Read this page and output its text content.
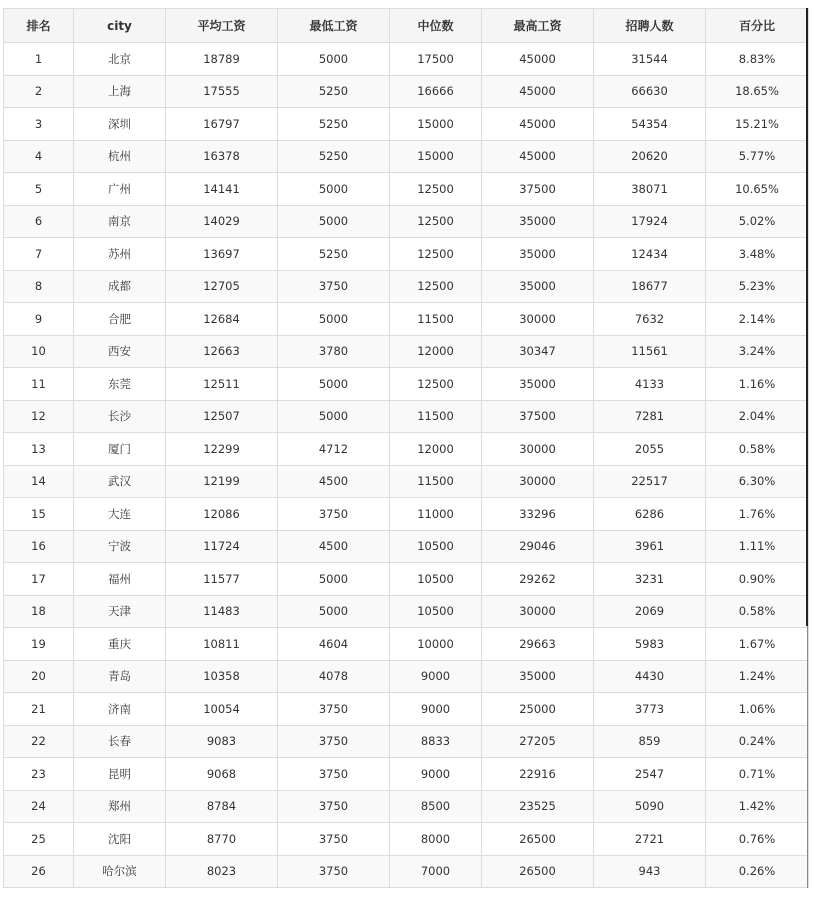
排名	city	平均工资	最低工资	中位数	最高工资	招聘人数	百分比
1	北京	18789	5000	17500	45000	31544	8.83%
2	上海	17555	5250	16666	45000	66630	18.65%
3	深圳	16797	5250	15000	45000	54354	15.21%
4	杭州	16378	5250	15000	45000	20620	5.77%
5	广州	14141	5000	12500	37500	38071	10.65%
6	南京	14029	5000	12500	35000	17924	5.02%
7	苏州	13697	5250	12500	35000	12434	3.48%
8	成都	12705	3750	12500	35000	18677	5.23%
9	合肥	12684	5000	11500	30000	7632	2.14%
10	西安	12663	3780	12000	30347	11561	3.24%
11	东莞	12511	5000	12500	35000	4133	1.16%
12	长沙	12507	5000	11500	37500	7281	2.04%
13	厦门	12299	4712	12000	30000	2055	0.58%
14	武汉	12199	4500	11500	30000	22517	6.30%
15	大连	12086	3750	11000	33296	6286	1.76%
16	宁波	11724	4500	10500	29046	3961	1.11%
17	福州	11577	5000	10500	29262	3231	0.90%
18	天津	11483	5000	10500	30000	2069	0.58%
19	重庆	10811	4604	10000	29663	5983	1.67%
20	青岛	10358	4078	9000	35000	4430	1.24%
21	济南	10054	3750	9000	25000	3773	1.06%
22	长春	9083	3750	8833	27205	859	0.24%
23	昆明	9068	3750	9000	22916	2547	0.71%
24	郑州	8784	3750	8500	23525	5090	1.42%
25	沈阳	8770	3750	8000	26500	2721	0.76%
26	哈尔滨	8023	3750	7000	26500	943	0.26%
